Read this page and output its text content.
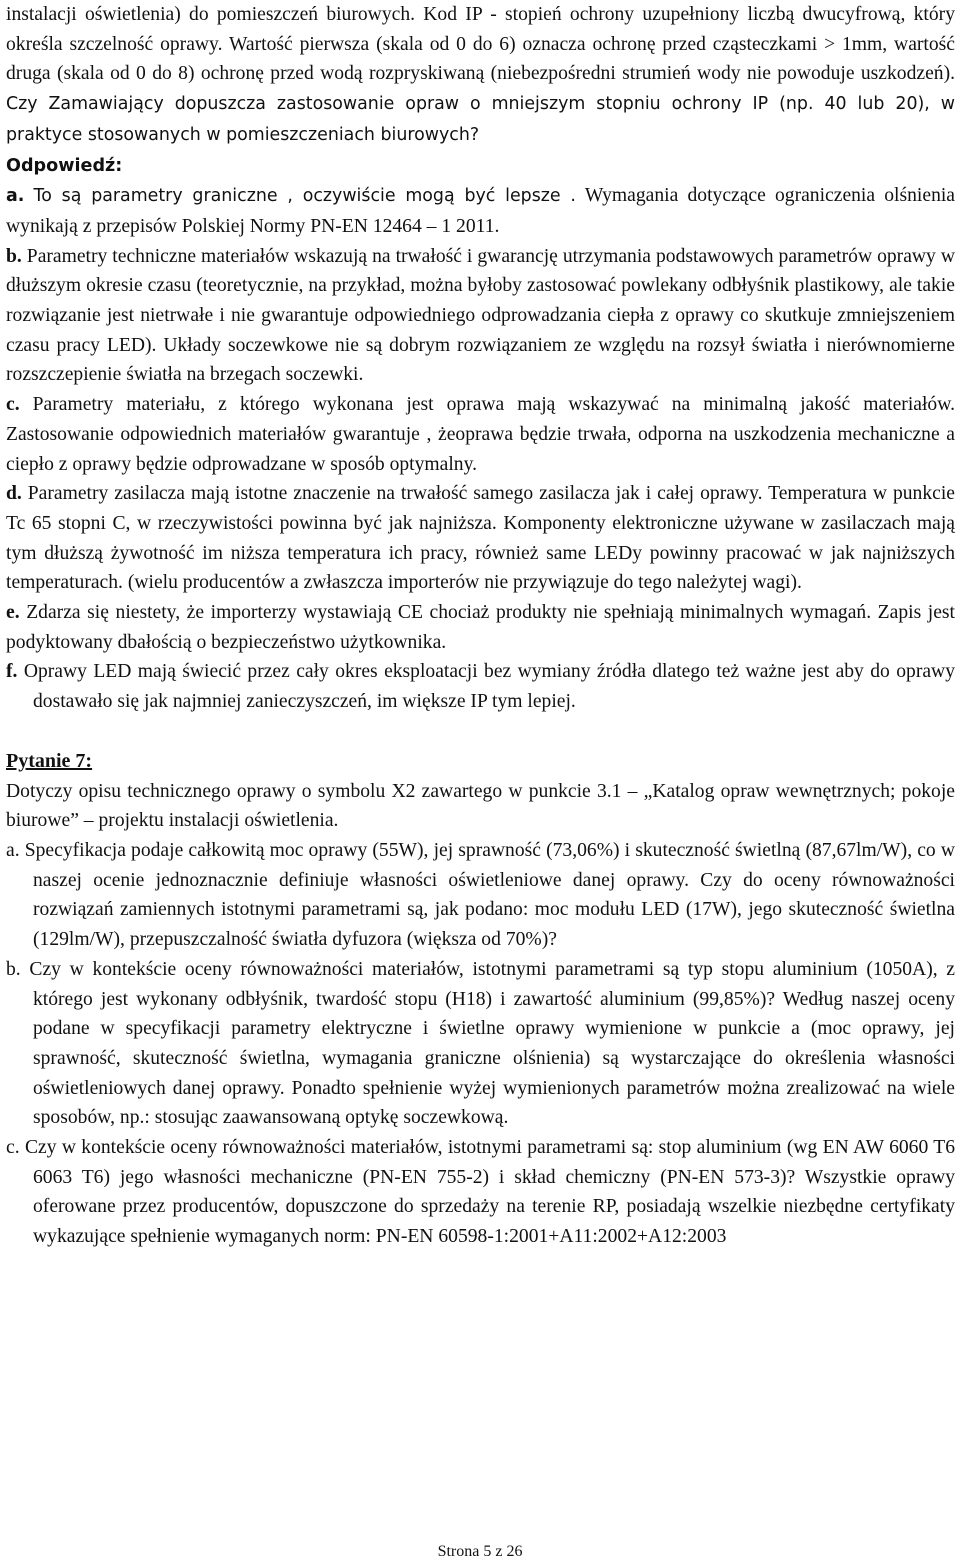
instalacji oświetlenia) do pomieszczeń biurowych. Kod IP - stopień ochrony uzupełniony liczbą dwucyfrową, który określa szczelność oprawy. Wartość pierwsza (skala od 0 do 6) oznacza ochronę przed cząsteczkami > 1mm, wartość druga (skala od 0 do 8) ochronę przed wodą rozpryskiwaną (niebezpośredni strumień wody nie powoduje uszkodzeń). Czy Zamawiający dopuszcza zastosowanie opraw o mniejszym stopniu ochrony IP (np. 40 lub 20), w praktyce stosowanych w pomieszczeniach biurowych?

Odpowiedź:

a. To są parametry graniczne , oczywiście mogą być lepsze . Wymagania dotyczące ograniczenia olśnienia wynikają z przepisów Polskiej Normy PN-EN 12464 – 1 2011.

b. Parametry techniczne materiałów wskazują na trwałość i gwarancję utrzymania podstawowych parametrów oprawy w dłuższym okresie czasu (teoretycznie, na przykład, można byłoby zastosować powlekany odbłyśnik plastikowy, ale takie rozwiązanie jest nietrwałe i nie gwarantuje odpowiedniego odprowadzania ciepła z oprawy co skutkuje zmniejszeniem czasu pracy LED). Układy soczewkowe nie są dobrym rozwiązaniem ze względu na rozsył światła i nierównomierne rozszczepienie światła na brzegach soczewki.

c. Parametry materiału, z którego wykonana jest oprawa mają wskazywać na minimalną jakość materiałów. Zastosowanie odpowiednich materiałów gwarantuje , żeoprawa będzie trwała, odporna na uszkodzenia mechaniczne a ciepło z oprawy będzie odprowadzane w sposób optymalny.

d. Parametry zasilacza mają istotne znaczenie na trwałość samego zasilacza jak i całej oprawy. Temperatura w punkcie Tc 65 stopni C, w rzeczywistości powinna być jak najniższa. Komponenty elektroniczne używane w zasilaczach mają tym dłuższą żywotność im niższa temperatura ich pracy, również same LEDy powinny pracować w jak najniższych temperaturach. (wielu producentów a zwłaszcza importerów nie przywiązuje do tego należytej wagi).

e. Zdarza się niestety, że importerzy wystawiają CE chociaż produkty nie spełniają minimalnych wymagań. Zapis jest podyktowany dbałością o bezpieczeństwo użytkownika.

f. Oprawy LED mają świecić przez cały okres eksploatacji bez wymiany źródła dlatego też ważne jest aby do oprawy dostawało się jak najmniej zanieczyszczeń, im większe IP tym lepiej.

Pytanie 7:

Dotyczy opisu technicznego oprawy o symbolu X2 zawartego w punkcie 3.1 – „Katalog opraw wewnętrznych; pokoje biurowe” – projektu instalacji oświetlenia.

a. Specyfikacja podaje całkowitą moc oprawy (55W), jej sprawność (73,06%) i skuteczność świetlną (87,67lm/W), co w naszej ocenie jednoznacznie definiuje własności oświetleniowe danej oprawy. Czy do oceny równoważności rozwiązań zamiennych istotnymi parametrami są, jak podano: moc modułu LED (17W), jego skuteczność świetlna (129lm/W), przepuszczalność światła dyfuzora (większa od 70%)?

b. Czy w kontekście oceny równoważności materiałów, istotnymi parametrami są typ stopu aluminium (1050A), z którego jest wykonany odbłyśnik, twardość stopu (H18) i zawartość aluminium (99,85%)? Według naszej oceny podane w specyfikacji parametry elektryczne i świetlne oprawy wymienione w punkcie a (moc oprawy, jej sprawność, skuteczność świetlna, wymagania graniczne olśnienia) są wystarczające do określenia własności oświetleniowych danej oprawy. Ponadto spełnienie wyżej wymienionych parametrów można zrealizować na wiele sposobów, np.: stosując zaawansowaną optykę soczewkową.

c. Czy w kontekście oceny równoważności materiałów, istotnymi parametrami są: stop aluminium (wg EN AW 6060 T6 6063 T6) jego własności mechaniczne (PN-EN 755-2) i skład chemiczny (PN-EN 573-3)? Wszystkie oprawy oferowane przez producentów, dopuszczone do sprzedaży na terenie RP, posiadają wszelkie niezbędne certyfikaty wykazujące spełnienie wymaganych norm: PN-EN 60598-1:2001+A11:2002+A12:2003

Strona 5 z 26
